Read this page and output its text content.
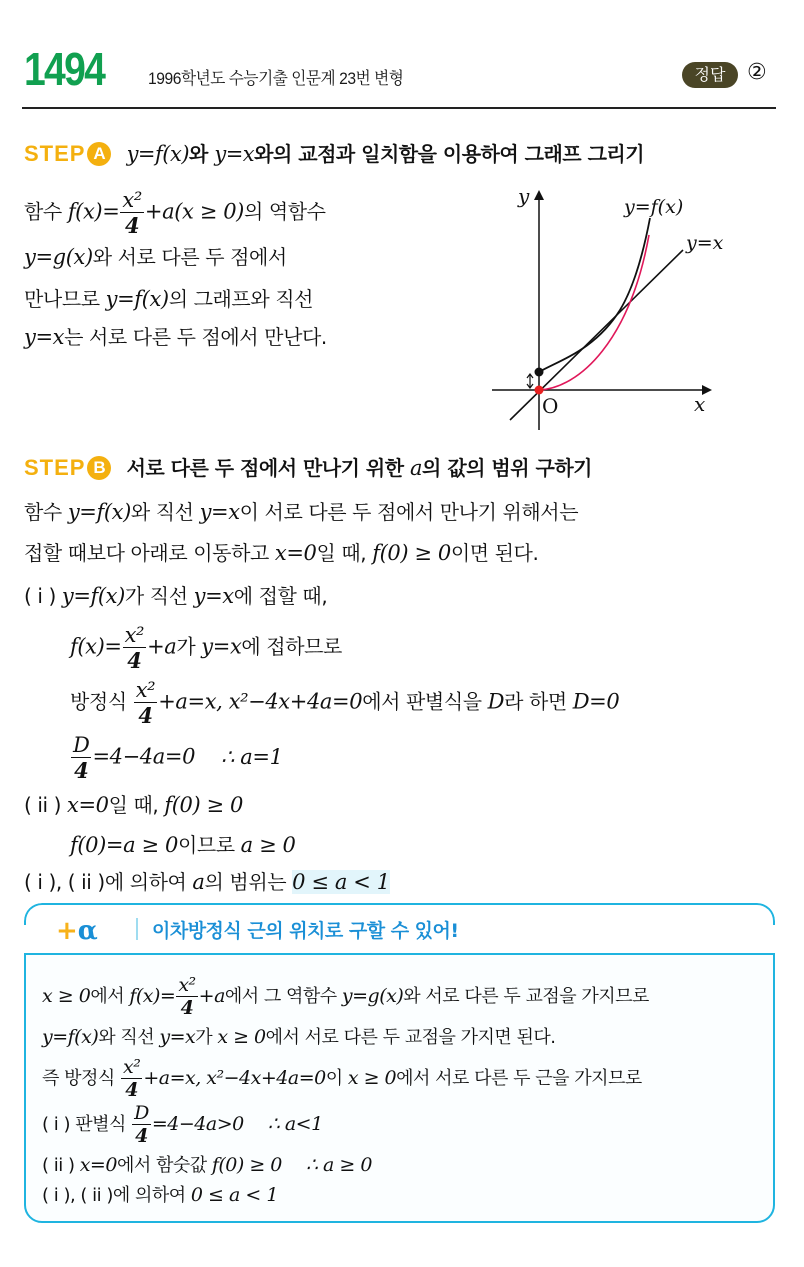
1494	1996학년도 수능기출 인문계 23번 변형	정답 ②
STEP A y=f(x)와 y=x와의 교점과 일치함을 이용하여 그래프 그리기
함수 $f(x)= \frac{\text{x²}}{4} +a(x \ge 0)$의 역함수
y=g(x)와 서로 다른 두 점에서
만나므로 y=f(x)의 그래프와 직선
y=x는 서로 다른 두 점에서 만난다.
y
x
O
y=f(x)
y=x
STEP B 서로 다른 두 점에서 만나기 위한 a의 값의 범위 구하기
함수 y=f(x)와 직선 y=x이 서로 다른 두 점에서 만나기 위해서는
접할 때보다 아래로 이동하고 x=0일 때, f(0) ≥ 0이면 된다.
( i ) y=f(x)가 직선 y=x에 접할 때,
$f(x)= \frac{\text{x²}}{4} +a$가 y=x에 접하므로
방정식 $\frac{\text{x²}}{4} +a=x$, x²−4x+4a=0에서 판별식을 D라 하면 D=0
$\frac{D}{4} =4-4a=0$ ∴ a=1
( ii ) x=0일 때, f(0) ≥ 0
f(0)=a ≥ 0이므로 a ≥ 0
( i ), ( ii )에 의하여 a의 범위는 0 ≤ a < 1
+α	이차방정식 근의 위치로 구할 수 있어!
x ≥ 0에서 $f(x)= \frac{\text{x²}}{4} +a$에서 그 역함수 y=g(x)와 서로 다른 두 교점을 가지므로
y=f(x)와 직선 y=x가 x ≥ 0에서 서로 다른 두 교점을 가지면 된다.
즉 방정식 $\frac{\text{x²}}{4} +a=x$, x²−4x+4a=0이 x ≥ 0에서 서로 다른 두 근을 가지므로
( i ) 판별식 $\frac{D}{4} =4-4a>0$ ∴ a<1
( ii ) x=0에서 함숫값 f(0) ≥ 0 ∴ a ≥ 0
( i ), ( ii )에 의하여 0 ≤ a < 1
